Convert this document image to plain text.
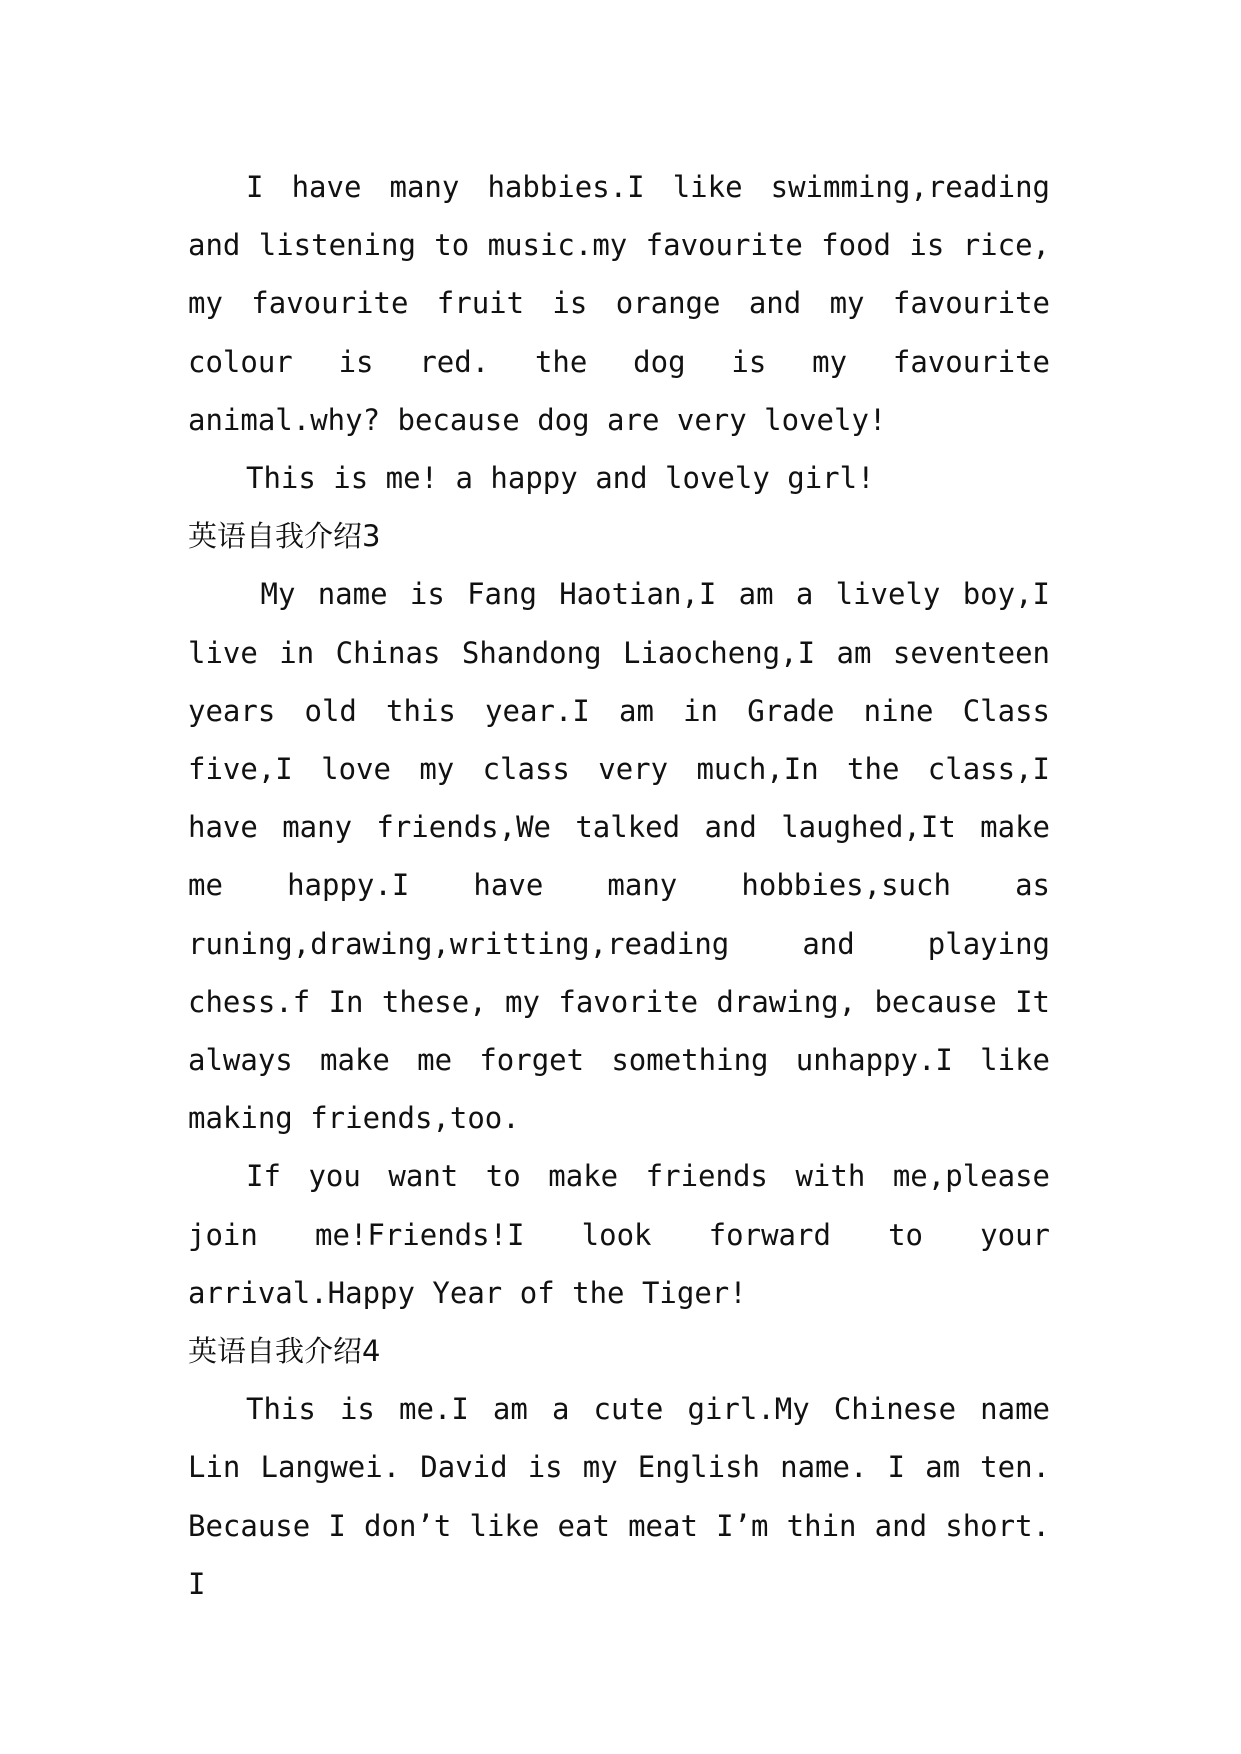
I have many habbies.I like swimming,reading and listening to music.my favourite food is rice, my favourite fruit is orange and my favourite colour is red. the dog is my favourite animal.why? because dog are very lovely!

This is me! a happy and lovely girl!

英语自我介绍3

My name is Fang Haotian,I am a lively boy,I live in Chinas Shandong Liaocheng,I am seventeen years old this year.I am in Grade nine Class five,I love my class very much,In the class,I have many friends,We talked and laughed,It make me happy.I have many hobbies,such as runing,drawing,writting,reading and playing chess.f In these, my favorite drawing, because It always make me forget something unhappy.I like making friends,too.

If you want to make friends with me,please join me!Friends!I look forward to your arrival.Happy Year of the Tiger!

英语自我介绍4

This is me.I am a cute girl.My Chinese name Lin Langwei. David is my English name. I am ten. Because I don’t like eat meat I’m thin and short. I
